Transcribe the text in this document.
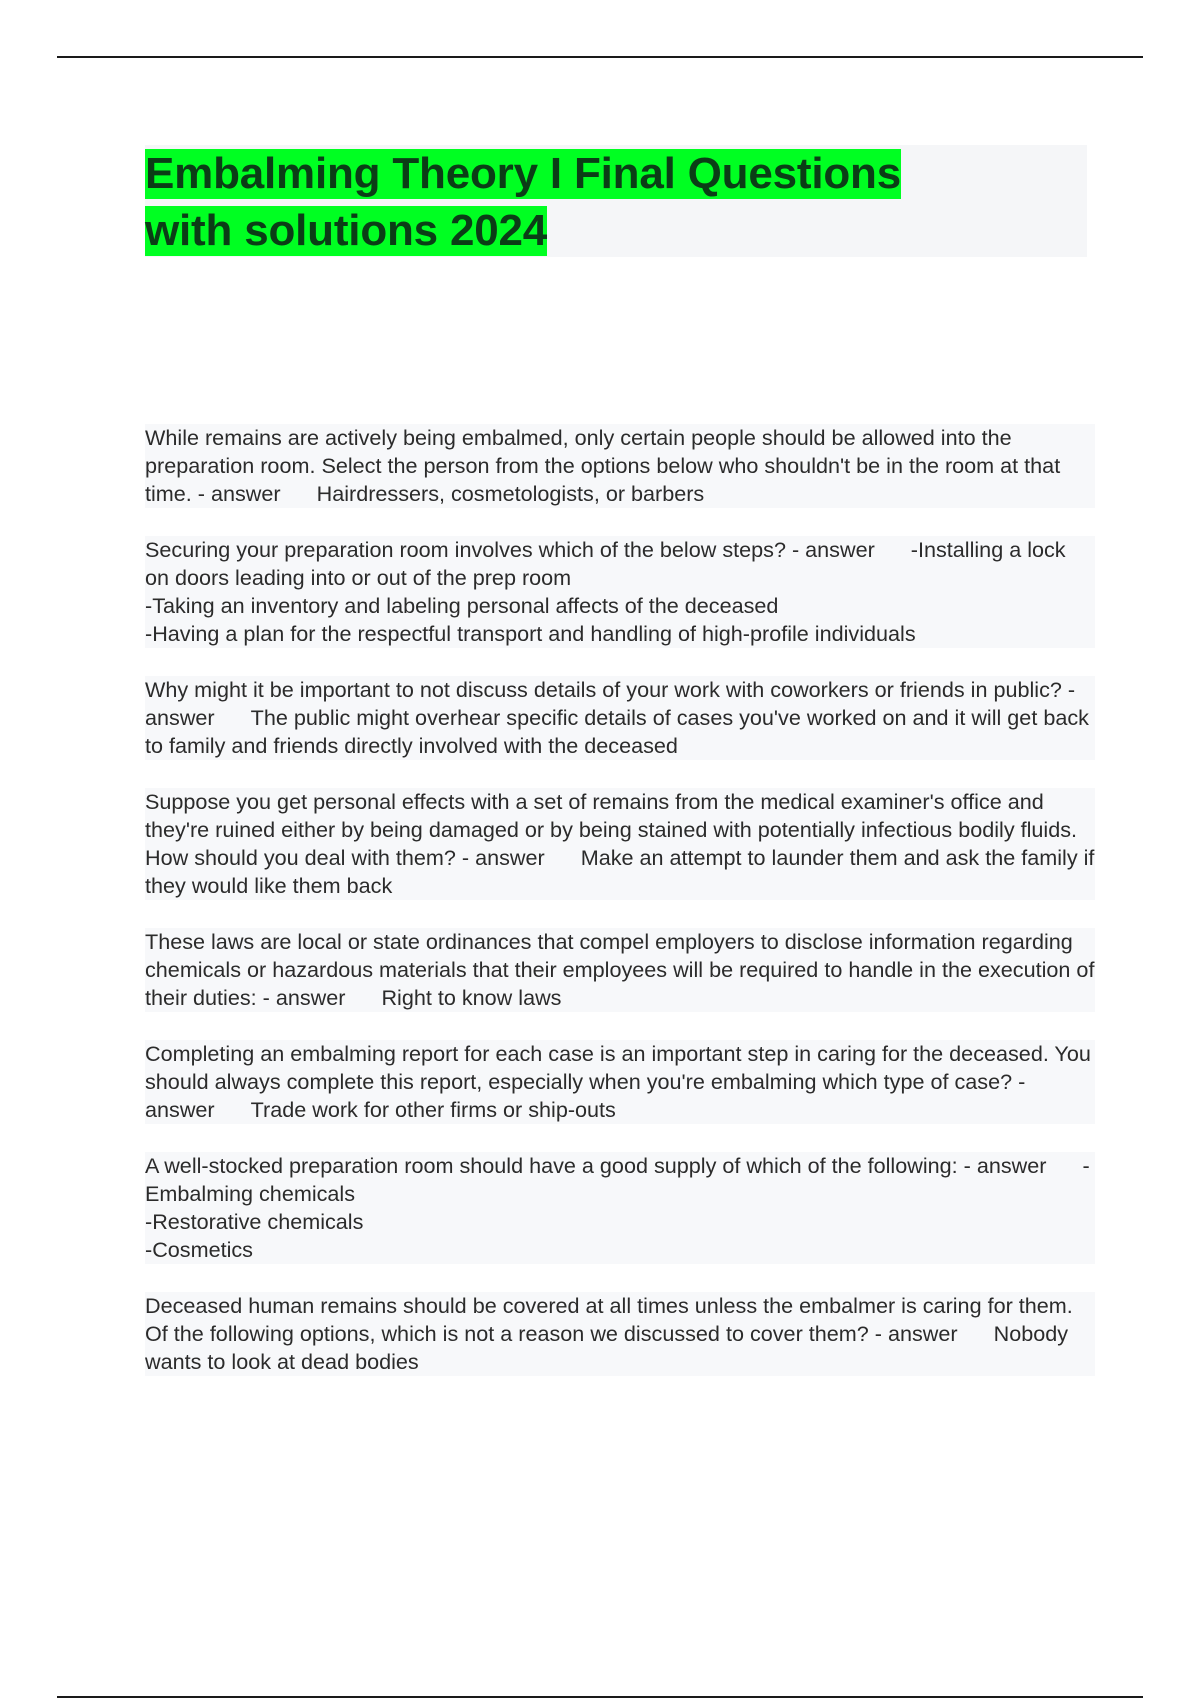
Embalming Theory I Final Questions
with solutions 2024

While remains are actively being embalmed, only certain people should be allowed into the preparation room. Select the person from the options below who shouldn't be in the room at that time. - answer Hairdressers, cosmetologists, or barbers

Securing your preparation room involves which of the below steps? - answer -Installing a lock on doors leading into or out of the prep room
-Taking an inventory and labeling personal affects of the deceased
-Having a plan for the respectful transport and handling of high-profile individuals

Why might it be important to not discuss details of your work with coworkers or friends in public? - answer The public might overhear specific details of cases you've worked on and it will get back to family and friends directly involved with the deceased

Suppose you get personal effects with a set of remains from the medical examiner's office and they're ruined either by being damaged or by being stained with potentially infectious bodily fluids. How should you deal with them? - answer Make an attempt to launder them and ask the family if they would like them back

These laws are local or state ordinances that compel employers to disclose information regarding chemicals or hazardous materials that their employees will be required to handle in the execution of their duties: - answer Right to know laws

Completing an embalming report for each case is an important step in caring for the deceased. You should always complete this report, especially when you're embalming which type of case? - answer Trade work for other firms or ship-outs

A well-stocked preparation room should have a good supply of which of the following: - answer -Embalming chemicals
-Restorative chemicals
-Cosmetics

Deceased human remains should be covered at all times unless the embalmer is caring for them. Of the following options, which is not a reason we discussed to cover them? - answer Nobody wants to look at dead bodies
